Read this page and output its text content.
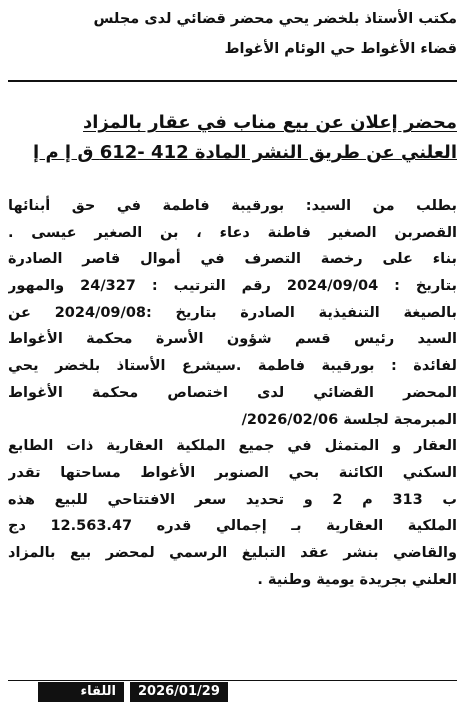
مكتب الأستاذ بلخضر يحي محضر قضائي لدى مجلس
قضاء الأغواط حي الوئام الأغواط
محضر إعلان عن بيع مناب في عقار بالمزاد
العلني عن طريق النشر المادة 412 -612 ق إ م إ
بطلب من السيد: بورقيبة فاطمة في حق أبنائها
القصربن الصغير فاطنة دعاء ، بن الصغير عيسى .
بناء على رخصة التصرف في أموال قاصر الصادرة
بتاريخ : 2024/09/04 رقم الترتيب : 24/327 والمهور
بالصيغة التنفيذية الصادرة بتاريخ :2024/09/08 عن
السيد رئيس قسم شؤون الأسرة محكمة الأغواط
لفائدة : بورقيبة فاطمة .سيشرع الأستاذ بلخضر يحي
المحضر القضائي لدى اختصاص محكمة الأغواط
المبرمجة لجلسة 2026/02/06/
العقار و المتمثل في جميع الملكية العقارية ذات الطابع
السكني الكائنة بحي الصنوبر الأغواط مساحتها تقدر
ب 313 م 2 و تحديد سعر الافتتاحي للبيع هذه
الملكية العقارية بـ إجمالي قدره 12.563.47 دج
والقاضي بنشر عقد التبليغ الرسمي لمحضر بيع بالمزاد
العلني بجريدة يومية وطنية .
اللقاء	2026/01/29
